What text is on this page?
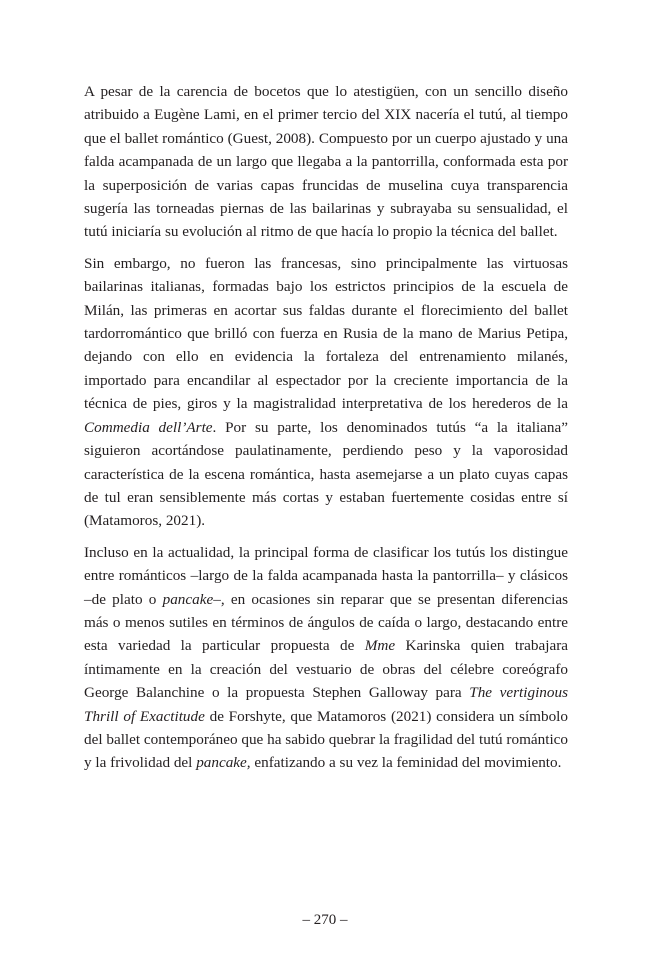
A pesar de la carencia de bocetos que lo atestigüen, con un sencillo diseño atribuido a Eugène Lami, en el primer tercio del XIX nacería el tutú, al tiempo que el ballet romántico (Guest, 2008). Compuesto por un cuerpo ajustado y una falda acampanada de un largo que llegaba a la pantorrilla, conformada esta por la superposición de varias capas fruncidas de muselina cuya transparencia sugería las torneadas piernas de las bailarinas y subrayaba su sensualidad, el tutú iniciaría su evolución al ritmo de que hacía lo propio la técnica del ballet.

Sin embargo, no fueron las francesas, sino principalmente las virtuosas bailarinas italianas, formadas bajo los estrictos principios de la escuela de Milán, las primeras en acortar sus faldas durante el florecimiento del ballet tardorromántico que brilló con fuerza en Rusia de la mano de Marius Petipa, dejando con ello en evidencia la fortaleza del entrenamiento milanés, importado para encandilar al espectador por la creciente importancia de la técnica de pies, giros y la magistralidad interpretativa de los herederos de la Commedia dell’Arte. Por su parte, los denominados tutús “a la italiana” siguieron acortándose paulatinamente, perdiendo peso y la vaporosidad característica de la escena romántica, hasta asemejarse a un plato cuyas capas de tul eran sensiblemente más cortas y estaban fuertemente cosidas entre sí (Matamoros, 2021).

Incluso en la actualidad, la principal forma de clasificar los tutús los distingue entre románticos –largo de la falda acampanada hasta la pantorrilla– y clásicos –de plato o pancake–, en ocasiones sin reparar que se presentan diferencias más o menos sutiles en términos de ángulos de caída o largo, destacando entre esta variedad la particular propuesta de Mme Karinska quien trabajara íntimamente en la creación del vestuario de obras del célebre coreógrafo George Balanchine o la propuesta Stephen Galloway para The vertiginous Thrill of Exactitude de Forshyte, que Matamoros (2021) considera un símbolo del ballet contemporáneo que ha sabido quebrar la fragilidad del tutú romántico y la frivolidad del pancake, enfatizando a su vez la feminidad del movimiento.

– 270 –
